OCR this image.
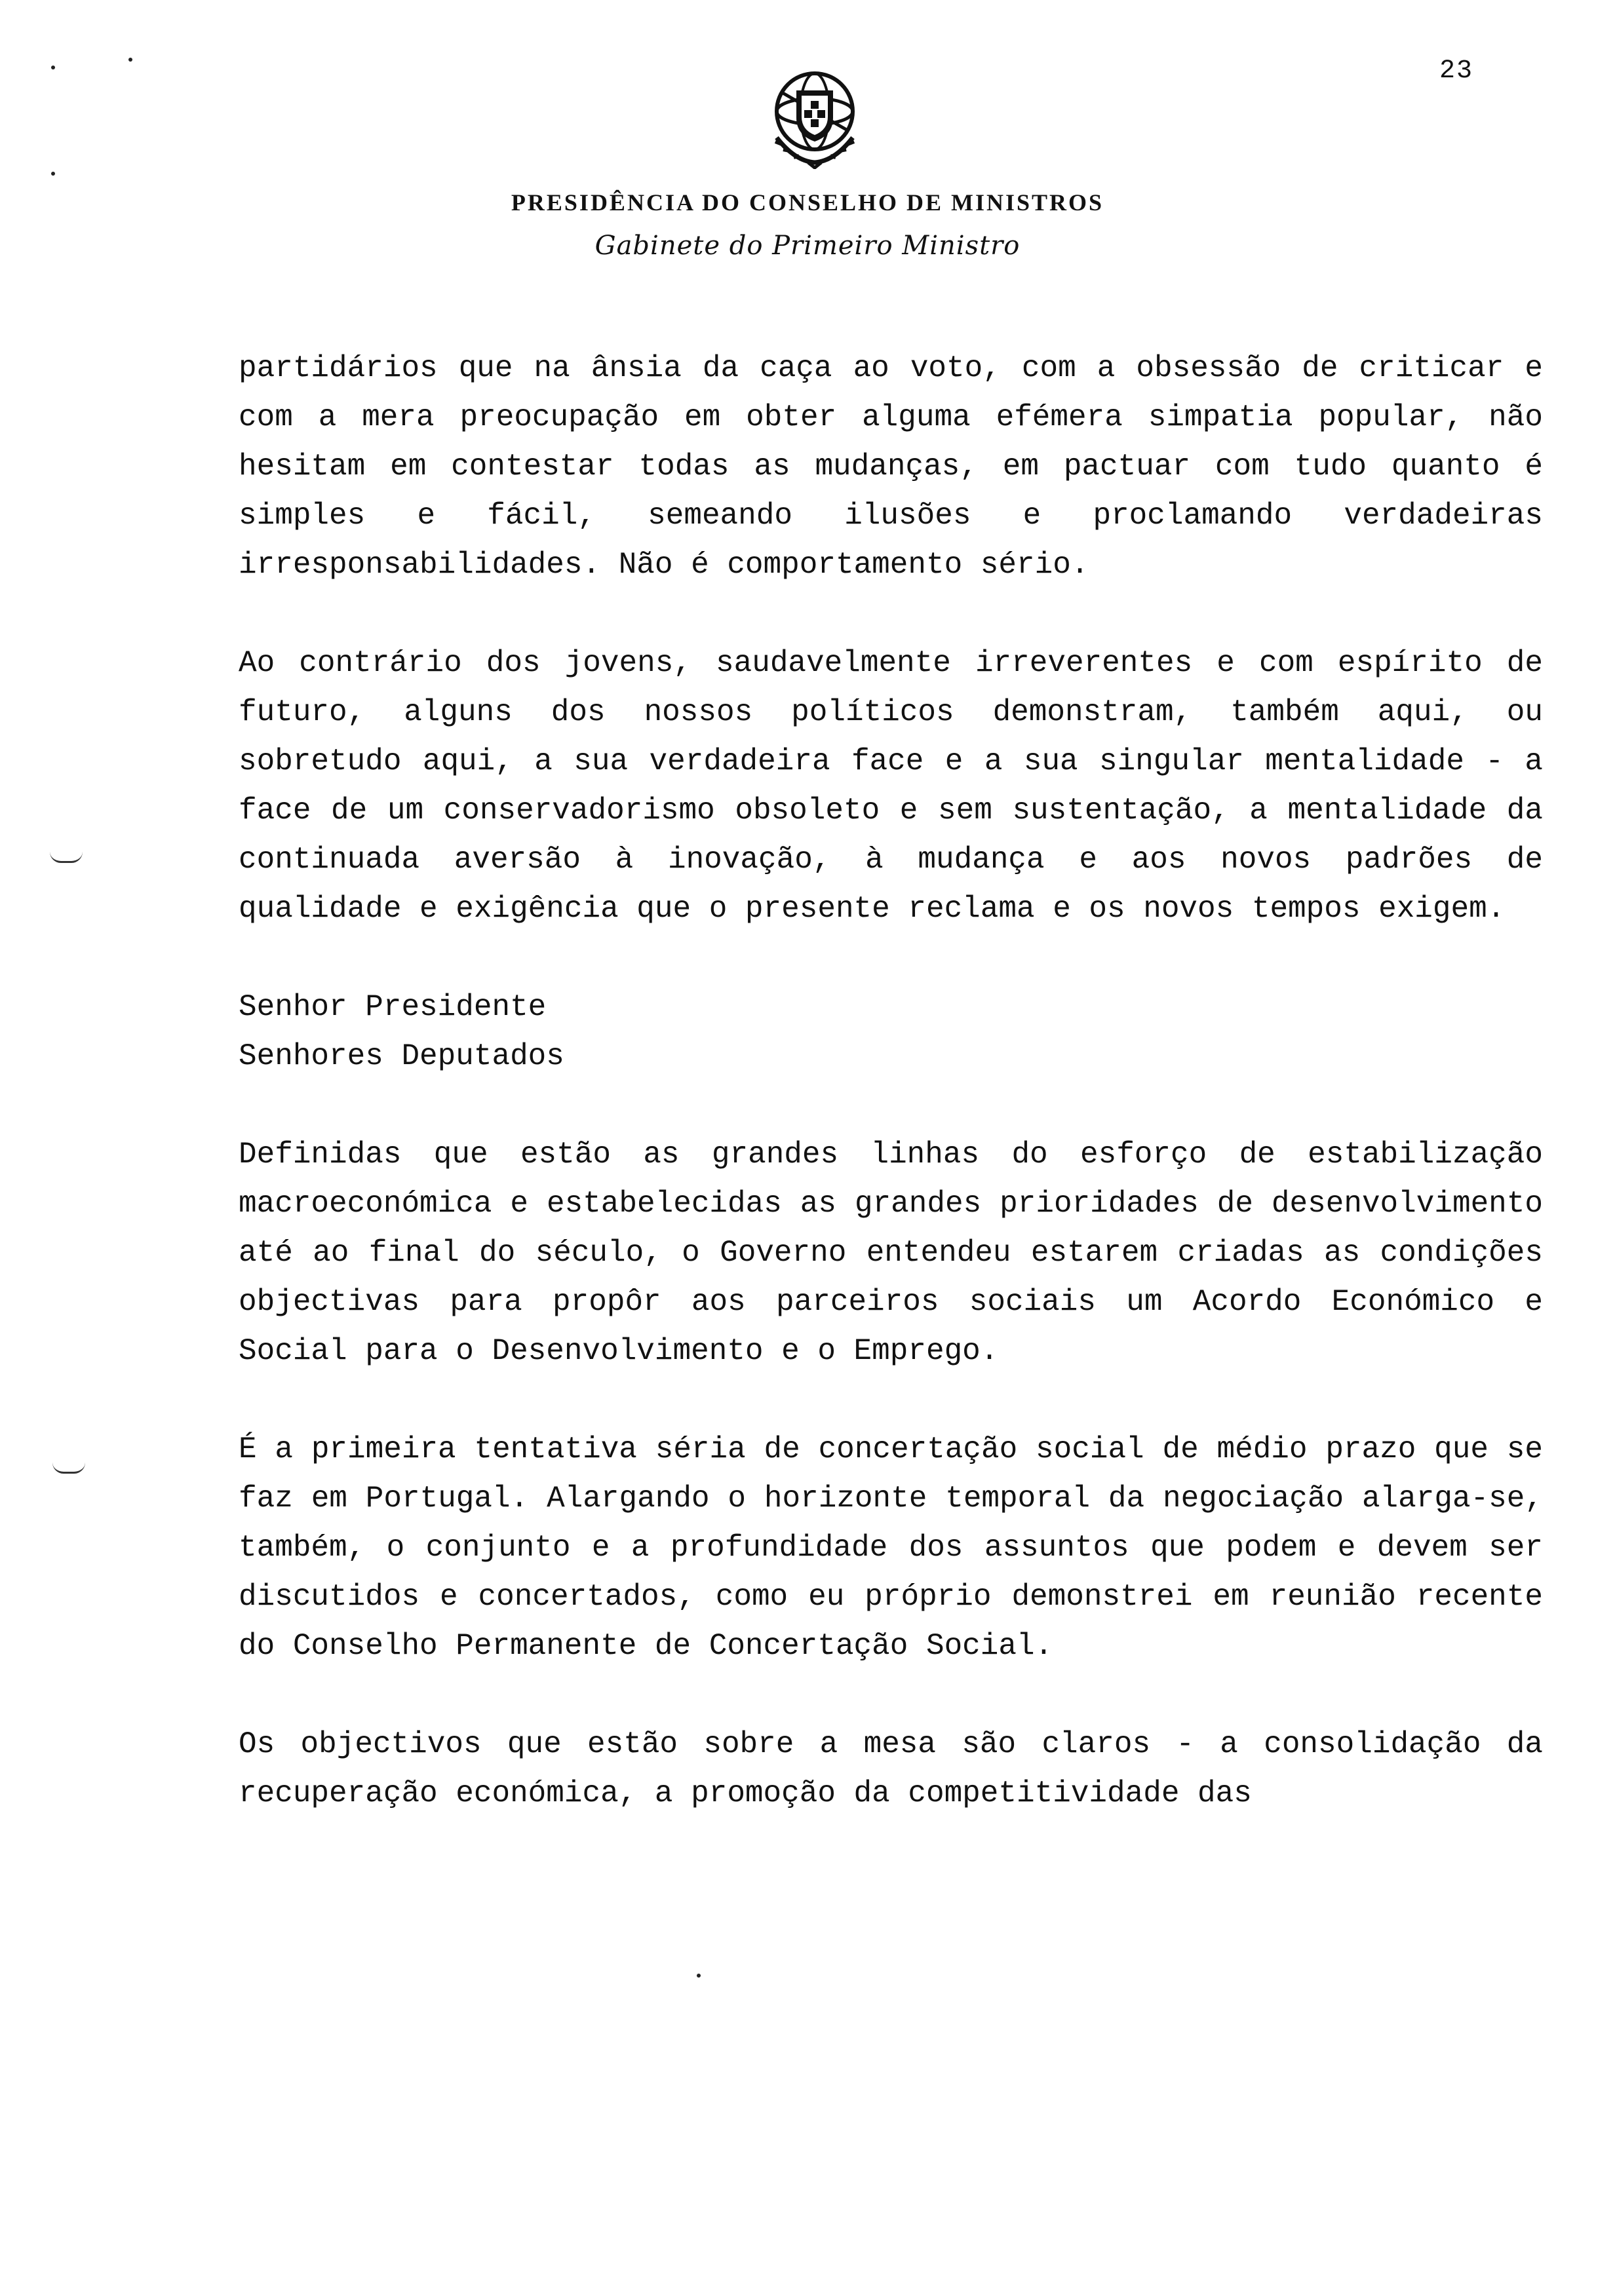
23
PRESIDÊNCIA DO CONSELHO DE MINISTROS
Gabinete do Primeiro Ministro

partidários que na ânsia da caça ao voto, com a obsessão de criticar e com a mera preocupação em obter alguma efémera simpatia popular, não hesitam em contestar todas as mudanças, em pactuar com tudo quanto é simples e fácil, semeando ilusões e proclamando verdadeiras irresponsabilidades. Não é comportamento sério.

Ao contrário dos jovens, saudavelmente irreverentes e com espírito de futuro, alguns dos nossos políticos demonstram, também aqui, ou sobretudo aqui, a sua verdadeira face e a sua singular mentalidade - a face de um conservadorismo obsoleto e sem sustentação, a mentalidade da continuada aversão à inovação, à mudança e aos novos padrões de qualidade e exigência que o presente reclama e os novos tempos exigem.

Senhor Presidente
Senhores Deputados

Definidas que estão as grandes linhas do esforço de estabilização macroeconómica e estabelecidas as grandes prioridades de desenvolvimento até ao final do século, o Governo entendeu estarem criadas as condições objectivas para propôr aos parceiros sociais um Acordo Económico e Social para o Desenvolvimento e o Emprego.

É a primeira tentativa séria de concertação social de médio prazo que se faz em Portugal. Alargando o horizonte temporal da negociação alarga-se, também, o conjunto e a profundidade dos assuntos que podem e devem ser discutidos e concertados, como eu próprio demonstrei em reunião recente do Conselho Permanente de Concertação Social.

Os objectivos que estão sobre a mesa são claros - a consolidação da recuperação económica, a promoção da competitividade das
